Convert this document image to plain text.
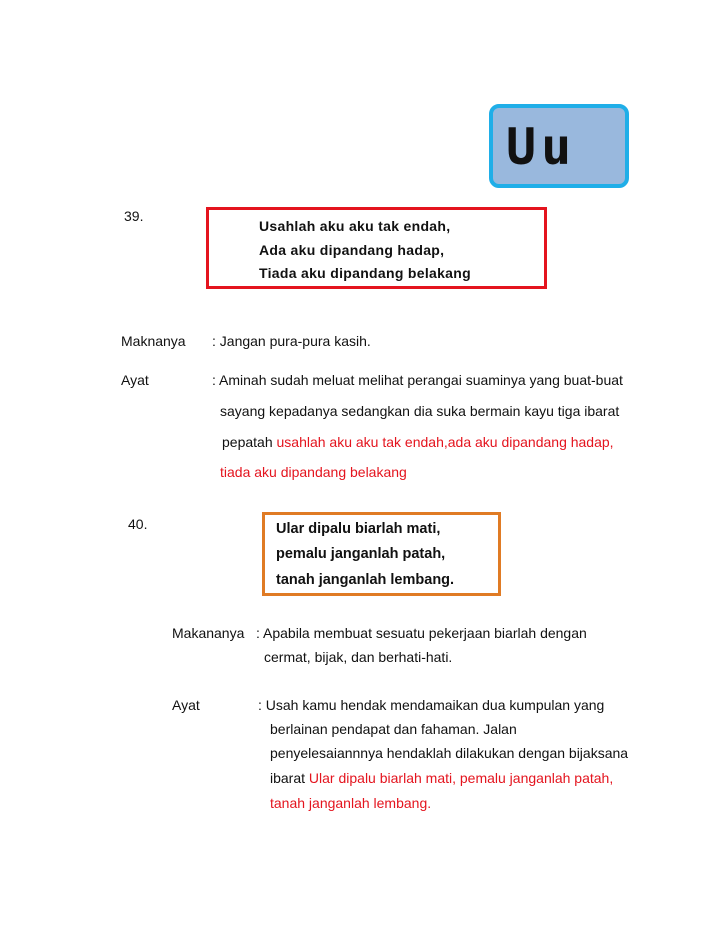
Uu
39.
Usahlah aku aku tak endah,
Ada aku dipandang hadap,
Tiada aku dipandang belakang
Maknanya : Jangan pura-pura kasih.
Ayat	: Aminah sudah meluat melihat perangai suaminya yang buat-buat
sayang kepadanya sedangkan dia suka bermain kayu tiga ibarat
pepatah usahlah aku aku tak endah,ada aku dipandang hadap,
tiada aku dipandang belakang
40.	Ular dipalu biarlah mati,
pemalu janganlah patah,
tanah janganlah lembang.
Makananya : Apabila membuat sesuatu pekerjaan biarlah dengan
cermat, bijak, dan berhati-hati.
Ayat	: Usah kamu hendak mendamaikan dua kumpulan yang
berlainan pendapat dan fahaman. Jalan
penyelesaiannnya hendaklah dilakukan dengan bijaksana
ibarat Ular dipalu biarlah mati, pemalu janganlah patah,
tanah janganlah lembang.
